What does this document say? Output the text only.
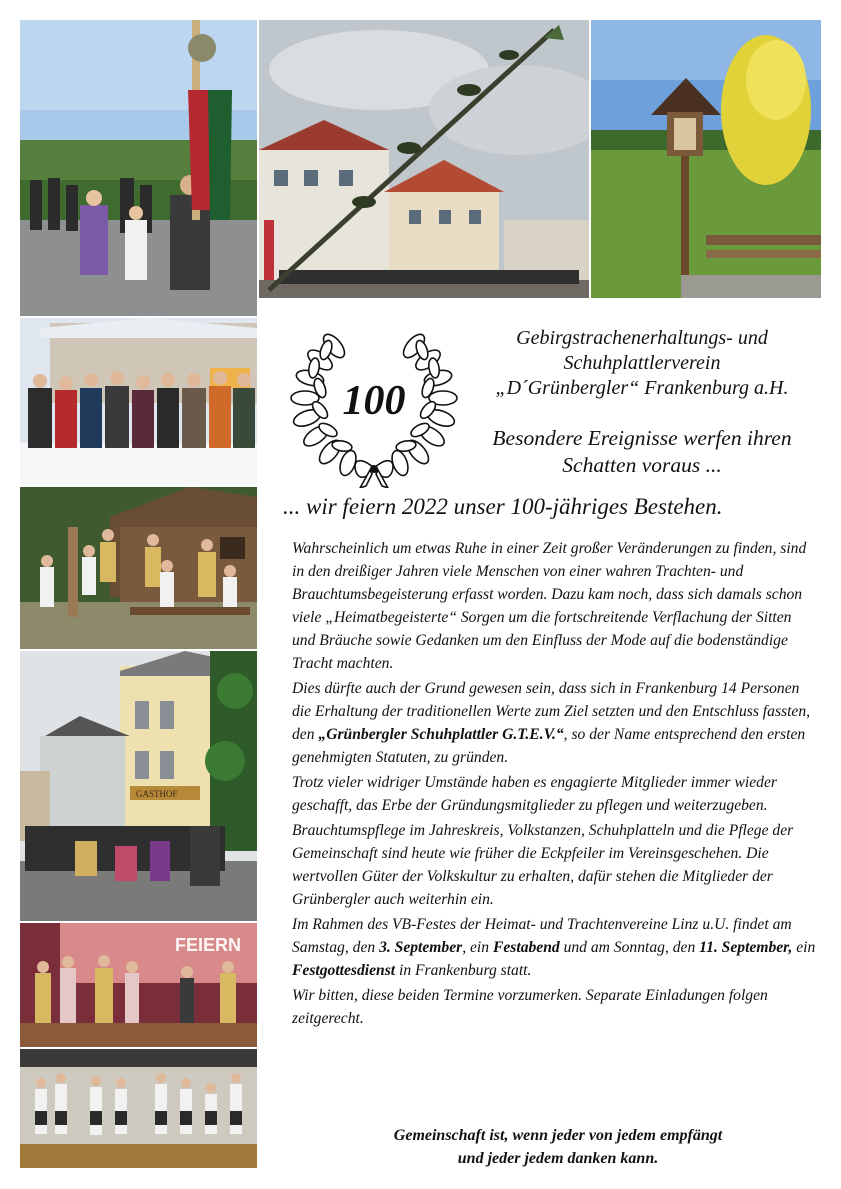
GASTHOF
FEIERN
100
Gebirgstrachenerhaltungs- und
Schuhplattlerverein
„D´Grünbergler“ Frankenburg a.H.
Besondere Ereignisse werfen ihren
Schatten voraus ...
... wir feiern 2022 unser 100-jähriges Bestehen.

Wahrscheinlich um etwas Ruhe in einer Zeit großer Veränderungen zu finden, sind in den dreißiger Jahren viele Menschen von einer wahren Trachten- und Brauchtumsbegeisterung erfasst worden. Dazu kam noch, dass sich damals schon viele „Heimatbegeisterte“ Sorgen um die fortschreitende Verflachung der Sitten und Bräuche sowie Gedanken um den Einfluss der Mode auf die bodenständige Tracht machten.

Dies dürfte auch der Grund gewesen sein, dass sich in Frankenburg 14 Personen die Erhaltung der traditionellen Werte zum Ziel setzten und den Entschluss fassten, den „Grünbergler Schuhplattler G.T.E.V.“, so der Name entsprechend den ersten genehmigten Statuten, zu gründen.

Trotz vieler widriger Umstände haben es engagierte Mitglieder immer wieder geschafft, das Erbe der Gründungsmitglieder zu pflegen und weiterzugeben.

Brauchtumspflege im Jahreskreis, Volkstanzen, Schuhplatteln und die Pflege der Gemeinschaft sind heute wie früher die Eckpfeiler im Vereinsgeschehen. Die wertvollen Güter der Volkskultur zu erhalten, dafür stehen die Mitglieder der Grünbergler auch weiterhin ein.

Im Rahmen des VB-Festes der Heimat- und Trachtenvereine Linz u.U. findet am Samstag, den 3. September, ein Festabend und am Sonntag, den 11. September, ein Festgottesdienst in Frankenburg statt.

Wir bitten, diese beiden Termine vorzumerken. Separate Einladungen folgen zeitgerecht.

Gemeinschaft ist, wenn jeder von jedem empfängt
und jeder jedem danken kann.
